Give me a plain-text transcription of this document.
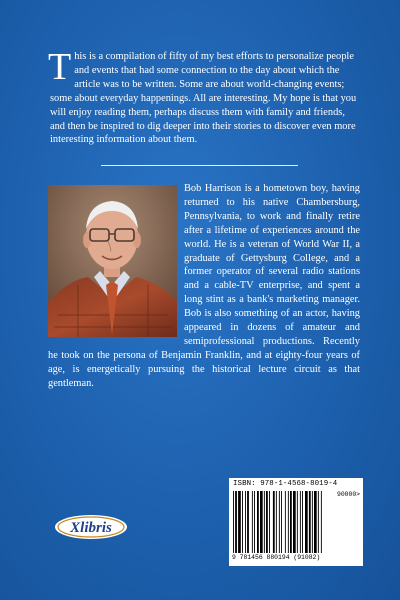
This is a compilation of fifty of my best efforts to personalize people and events that had some connection to the day about which the article was to be written. Some are about world-changing events; some about everyday happenings. All are interesting. My hope is that you will enjoy reading them, perhaps discuss them with family and friends, and then be inspired to dig deeper into their stories to discover even more interesting information about them.

Bob Harrison is a hometown boy, having returned to his native Chambersburg, Pennsylvania, to work and finally retire after a lifetime of experiences around the world. He is a veteran of World War II, a graduate of Gettysburg College, and a former operator of several radio stations and a cable-TV enterprise, and spent a long stint as a bank's marketing manager. Bob is also something of an actor, having appeared in dozens of amateur and semiprofessional productions. Recently he took on the persona of Benjamin Franklin, and at eighty-four years of age, is energetically pursuing the historical lecture circuit as that gentleman.

Xlibris
ISBN: 978-1-4568-8019-4
90000>
9 781456 880194 (91082)
